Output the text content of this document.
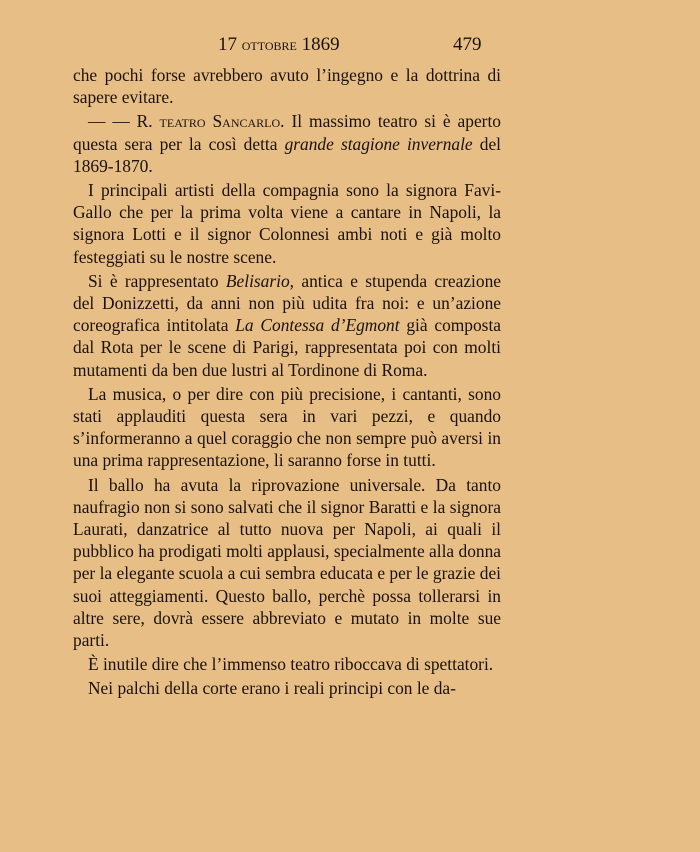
17 ottobre 1869	479

che pochi forse avrebbero avuto l’ingegno e la dottrina di sapere evitare.

— — R. teatro Sancarlo. Il massimo teatro si è aperto questa sera per la così detta grande stagione invernale del 1869-1870.

I principali artisti della compagnia sono la signora Favi-Gallo che per la prima volta viene a cantare in Napoli, la signora Lotti e il signor Colonnesi ambi noti e già molto festeggiati su le nostre scene.

Si è rappresentato Belisario, antica e stupenda creazione del Donizzetti, da anni non più udita fra noi: e un’azione coreografica intitolata La Contessa d’Egmont già composta dal Rota per le scene di Parigi, rappresentata poi con molti mutamenti da ben due lustri al Tordinone di Roma.

La musica, o per dire con più precisione, i cantanti, sono stati applauditi questa sera in vari pezzi, e quando s’informeranno a quel coraggio che non sempre può aversi in una prima rappresentazione, li saranno forse in tutti.

Il ballo ha avuta la riprovazione universale. Da tanto naufragio non si sono salvati che il signor Baratti e la signora Laurati, danzatrice al tutto nuova per Napoli, ai quali il pubblico ha prodigati molti applausi, specialmente alla donna per la elegante scuola a cui sembra educata e per le grazie dei suoi atteggiamenti. Questo ballo, perchè possa tollerarsi in altre sere, dovrà essere abbreviato e mutato in molte sue parti.

È inutile dire che l’immenso teatro riboccava di spettatori.

Nei palchi della corte erano i reali principi con le da-
